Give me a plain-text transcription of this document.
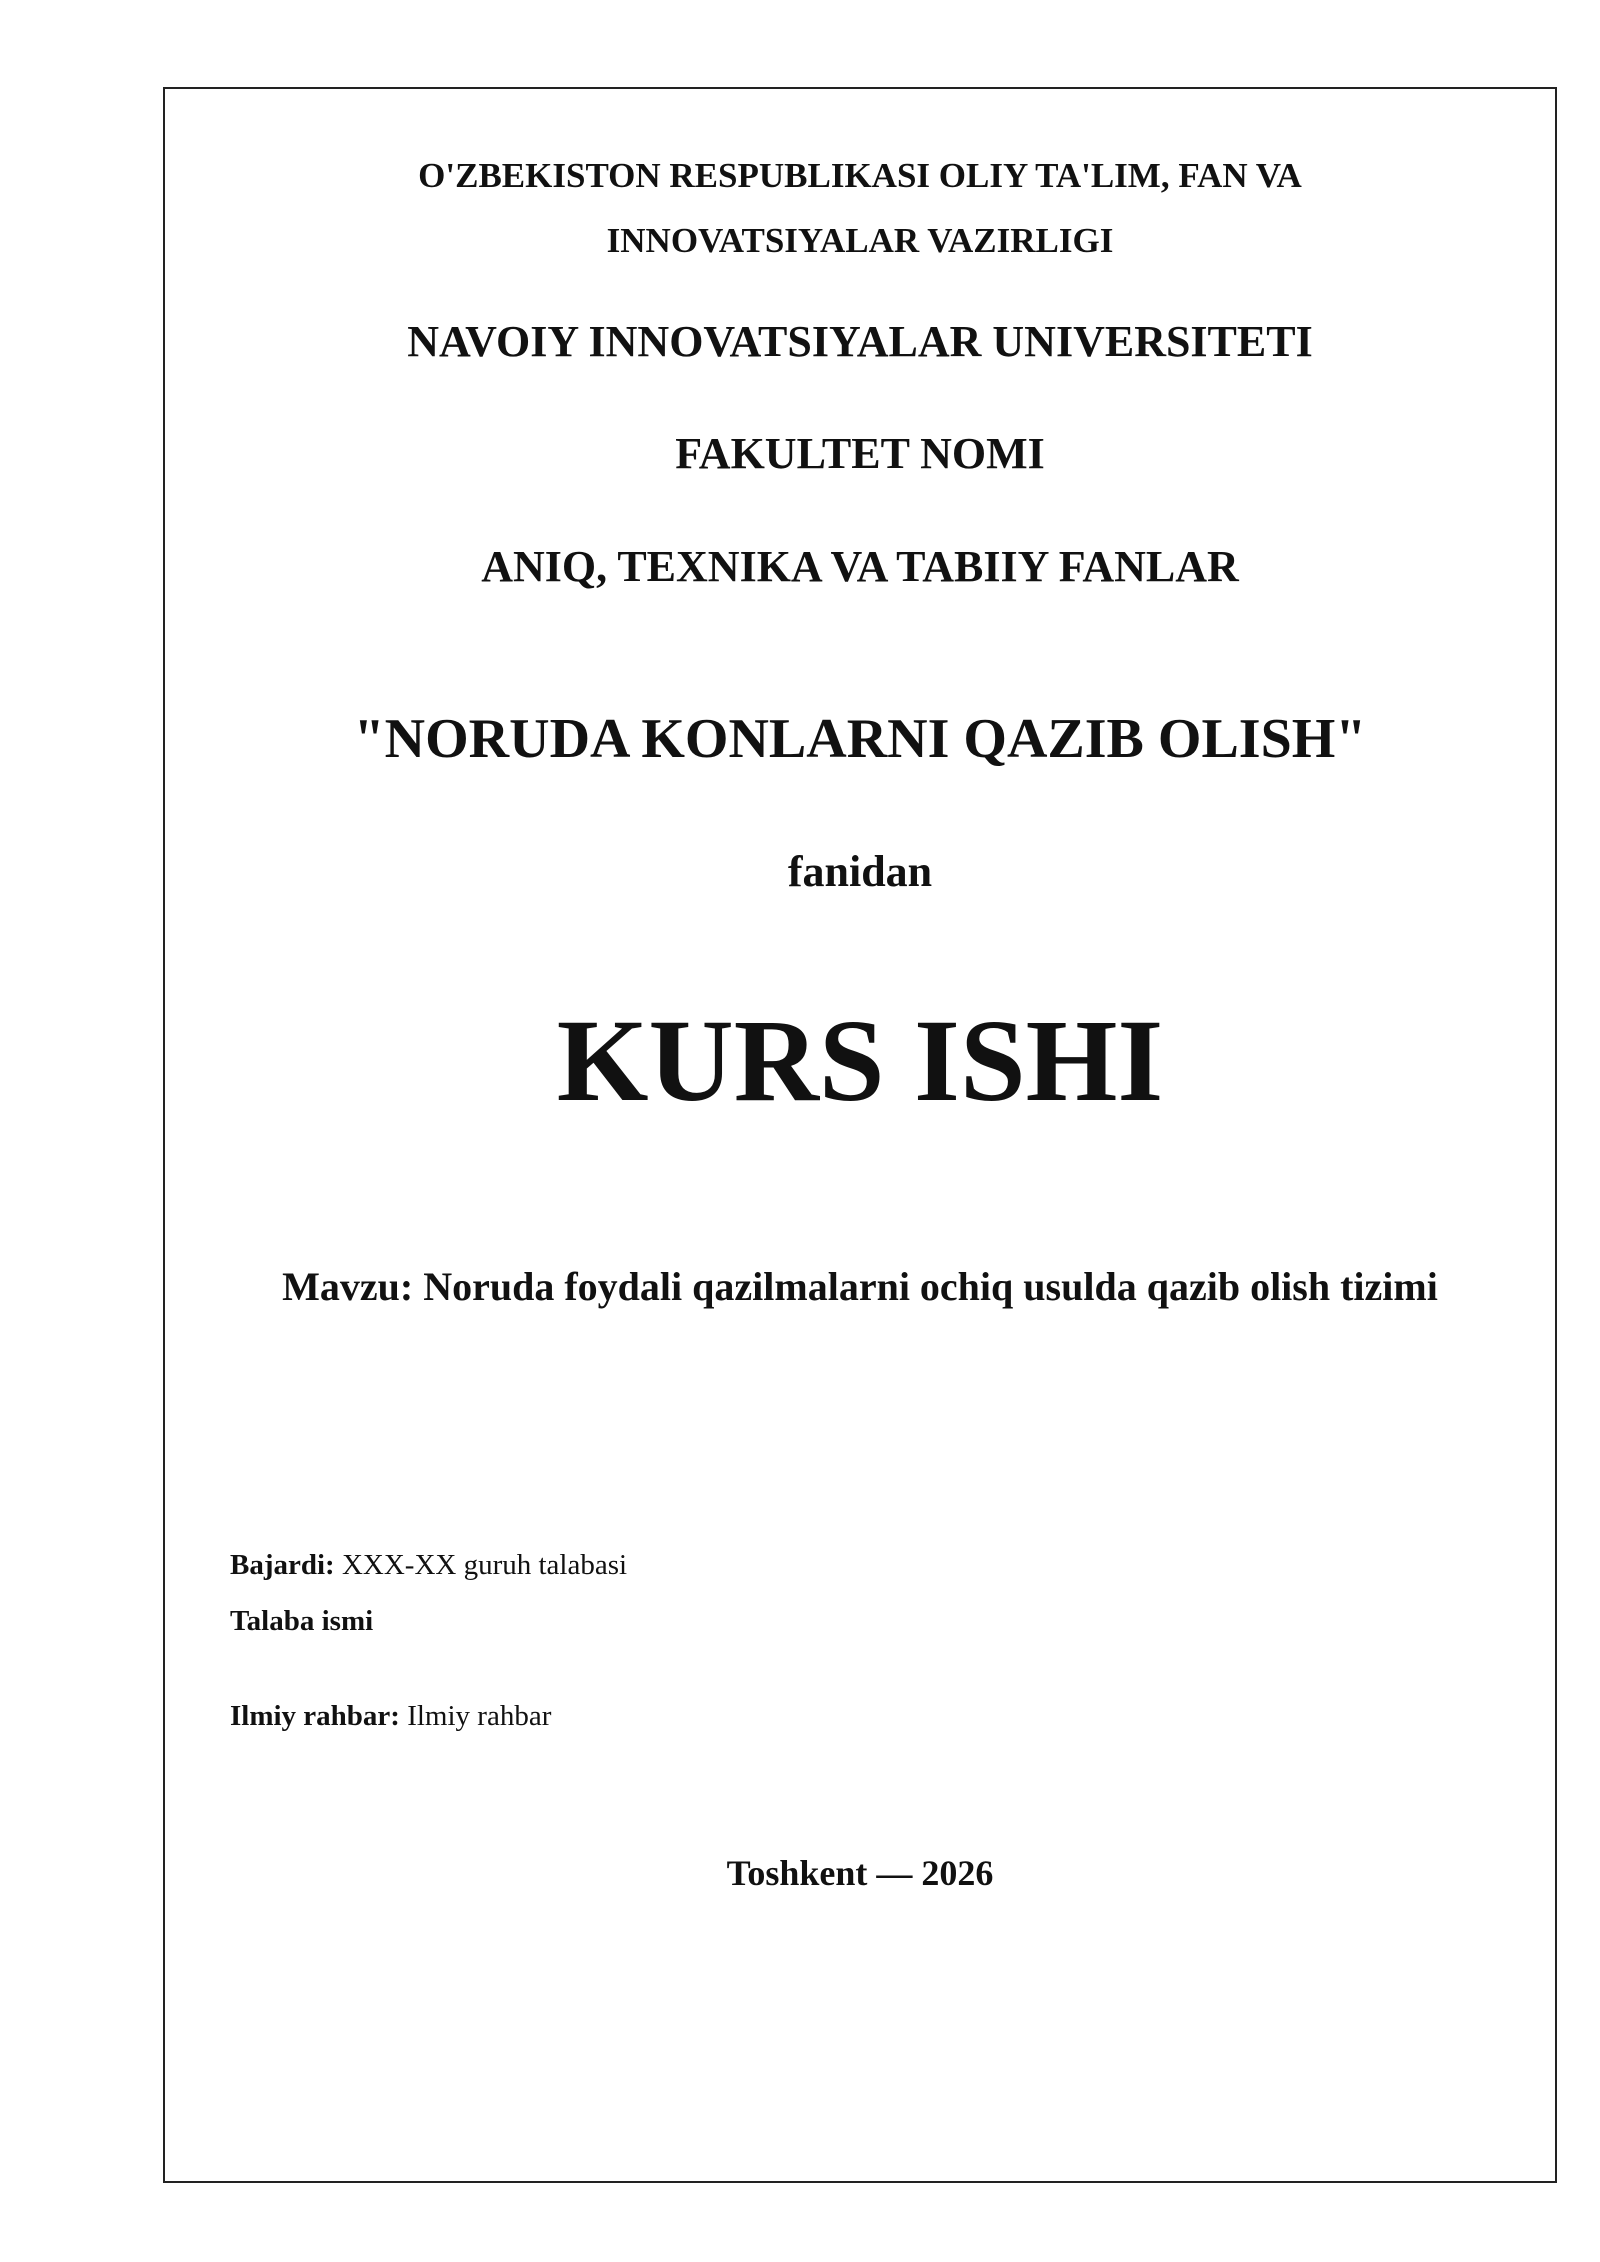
O'ZBEKISTON RESPUBLIKASI OLIY TA'LIM, FAN VA
INNOVATSIYALAR VAZIRLIGI
NAVOIY INNOVATSIYALAR UNIVERSITETI
FAKULTET NOMI
ANIQ, TEXNIKA VA TABIIY FANLAR
"NORUDA KONLARNI QAZIB OLISH"
fanidan
KURS ISHI
Mavzu: Noruda foydali qazilmalarni ochiq usulda qazib olish tizimi
Bajardi: XXX-XX guruh talabasi
Talaba ismi
Ilmiy rahbar: Ilmiy rahbar
Toshkent — 2026
